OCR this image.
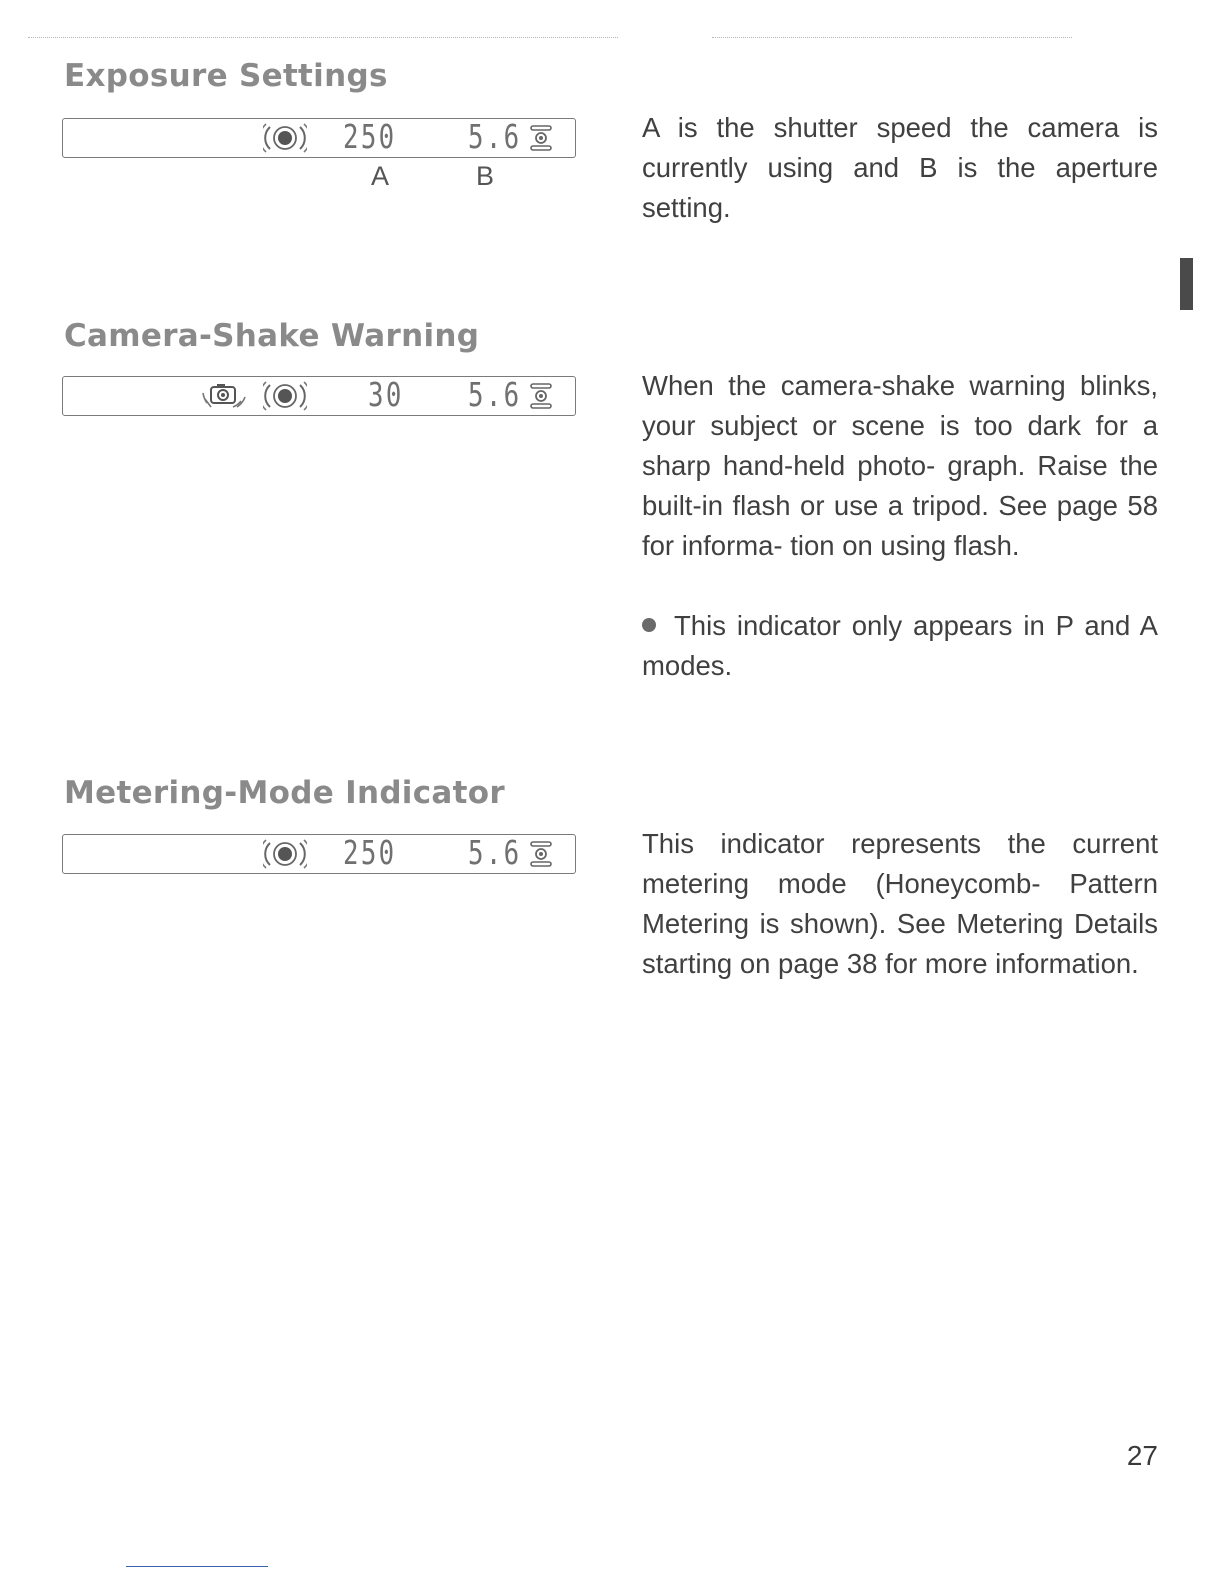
Exposure Settings
250 5.6
A	B

A is the shutter speed the camera is currently using and B is the aperture setting.

Camera-Shake Warning
30 5.6	When the camera-shake warning blinks, your subject or scene is too dark for a sharp hand-held photo- graph. Raise the built-in flash or use a tripod. See page 58 for informa- tion on using flash.

This indicator only appears in P and A modes.

Metering-Mode Indicator
250 5.6	This indicator represents the current metering mode (Honeycomb- Pattern Metering is shown). See Metering Details starting on page 38 for more information.

27
